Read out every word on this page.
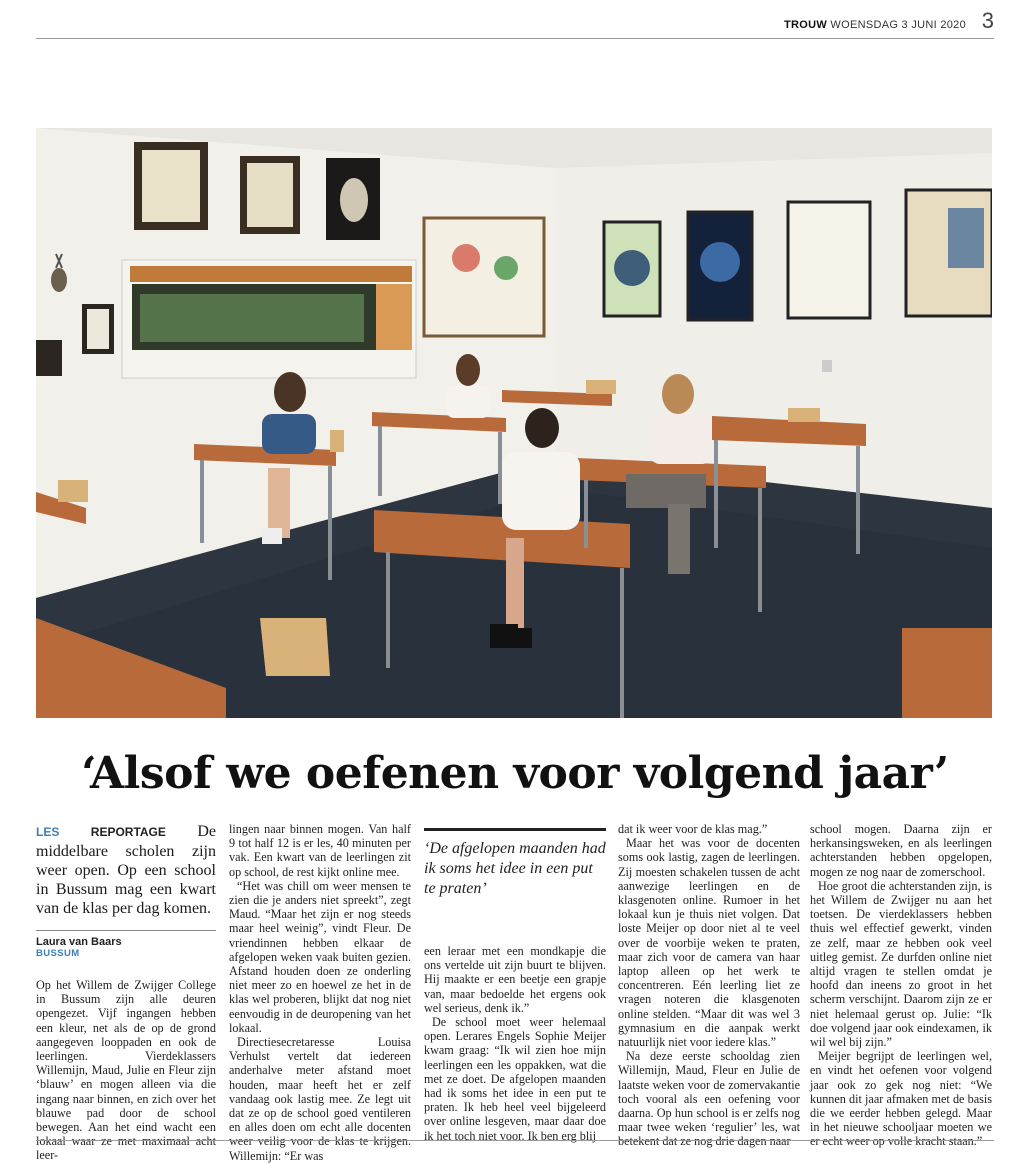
TROUW WOENSDAG 3 JUNI 2020 3
‘Alsof we oefenen voor volgend jaar’
LES	REPORTAGE De middelbare scholen zijn weer open. Op een school in Bussum mag een kwart van de klas per dag komen.
Laura van Baars
BUSSUM

Op het Willem de Zwijger College in Bussum zijn alle deuren opengezet. Vijf ingangen hebben een kleur, net als de op de grond aangegeven looppaden en ook de leerlingen. Vierdeklassers Willemijn, Maud, Julie en Fleur zijn ‘blauw’ en mogen alleen via die ingang naar binnen, en zich over het blauwe pad door de school bewegen. Aan het eind wacht een lokaal waar ze met maximaal acht leer-

lingen naar binnen mogen. Van half 9 tot half 12 is er les, 40 minuten per vak. Een kwart van de leerlingen zit op school, de rest kijkt online mee.

“Het was chill om weer mensen te zien die je anders niet spreekt”, zegt Maud. “Maar het zijn er nog steeds maar heel weinig”, vindt Fleur. De vriendinnen hebben elkaar de afgelopen weken vaak buiten gezien. Afstand houden doen ze onderling niet meer zo en hoewel ze het in de klas wel proberen, blijkt dat nog niet eenvoudig in de deuropening van het lokaal.

Directiesecretaresse Louisa Verhulst vertelt dat iedereen anderhalve meter afstand moet houden, maar heeft het er zelf vandaag ook lastig mee. Ze legt uit dat ze op de school goed ventileren en alles doen om echt alle docenten weer veilig voor de klas te krijgen. Willemijn: “Er was

‘De afgelopen maanden had ik soms het idee in een put te praten’

een leraar met een mondkapje die ons vertelde uit zijn buurt te blijven. Hij maakte er een beetje een grapje van, maar bedoelde het ergens ook wel serieus, denk ik.”

De school moet weer helemaal open. Lerares Engels Sophie Meijer kwam graag: “Ik wil zien hoe mijn leerlingen een les oppakken, wat die met ze doet. De afgelopen maanden had ik soms het idee in een put te praten. Ik heb heel veel bijgeleerd over online lesgeven, maar daar doe ik het toch niet voor. Ik ben erg blij

dat ik weer voor de klas mag.”

Maar het was voor de docenten soms ook lastig, zagen de leerlingen. Zij moesten schakelen tussen de acht aanwezige leerlingen en de klasgenoten online. Rumoer in het lokaal kun je thuis niet volgen. Dat loste Meijer op door niet al te veel over de voorbije weken te praten, maar zich voor de camera van haar laptop alleen op het werk te concentreren. Eén leerling liet ze vragen noteren die klasgenoten online stelden. “Maar dit was wel 3 gymnasium en die aanpak werkt natuurlijk niet voor iedere klas.”

Na deze eerste schooldag zien Willemijn, Maud, Fleur en Julie de laatste weken voor de zomervakantie toch vooral als een oefening voor daarna. Op hun school is er zelfs nog maar twee weken ‘regulier’ les, wat betekent dat ze nog drie dagen naar

school mogen. Daarna zijn er herkansingsweken, en als leerlingen achterstanden hebben opgelopen, mogen ze nog naar de zomerschool.

Hoe groot die achterstanden zijn, is het Willem de Zwijger nu aan het toetsen. De vierdeklassers hebben thuis wel effectief gewerkt, vinden ze zelf, maar ze hebben ook veel uitleg gemist. Ze durfden online niet altijd vragen te stellen omdat je hoofd dan ineens zo groot in het scherm verschijnt. Daarom zijn ze er niet helemaal gerust op. Julie: “Ik doe volgend jaar ook eindexamen, ik wil wel bij zijn.”

Meijer begrijpt de leerlingen wel, en vindt het oefenen voor volgend jaar ook zo gek nog niet: “We kunnen dit jaar afmaken met de basis die we eerder hebben gelegd. Maar in het nieuwe schooljaar moeten we er echt weer op volle kracht staan.”
